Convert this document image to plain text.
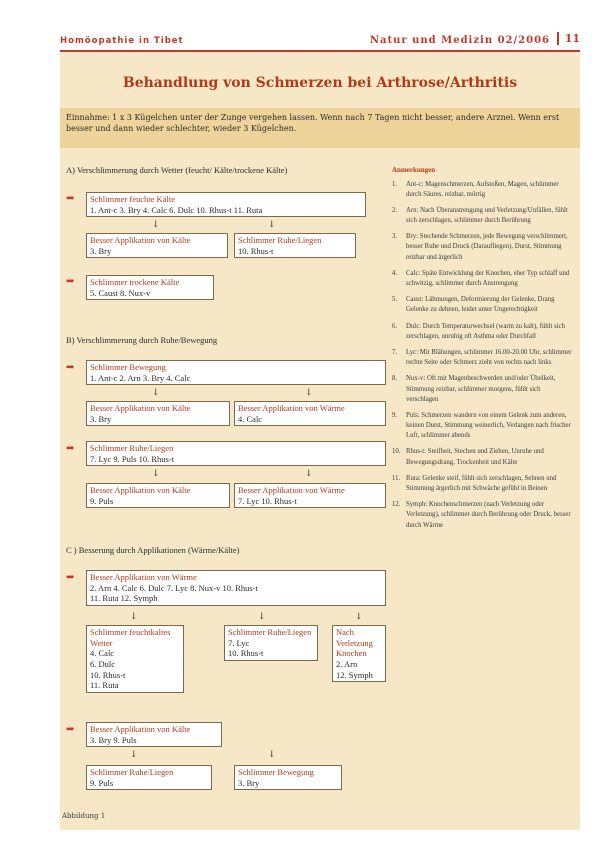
Homöopathie in Tibet	Natur und Medizin 02/2006	11
Behandlung von Schmerzen bei Arthrose/Arthritis
Einnahme: 1 x 3 Kügelchen unter der Zunge vergehen lassen. Wenn nach 7 Tagen nicht besser, andere Arznei. Wenn erst besser und dann wieder schlechter, wieder 3 Kügelchen.
A) Verschlimmerung durch Wetter (feucht/ Kälte/trockene Kälte)
➡ Schlimmer feuchte Kälte
1. Ant-c 3. Bry 4. Calc 6. Dulc 10. Rhus-t 11. Ruta
↓	↓
Besser Applikation von Kälte
3. Bry
Schlimmer Ruhe/Liegen
10. Rhus-t
➡ Schlimmer trockene Kälte
5. Caust 8. Nux-v
B) Verschlimmerung durch Ruhe/Bewegung
➡ Schlimmer Bewegung
1. Ant-c 2. Arn 3. Bry 4. Calc
↓	↓
Besser Applikation von Kälte
3. Bry
Besser Applikation von Wärme
4. Calc
➡ Schlimmer Ruhe/Liegen
7. Lyc 9. Puls 10. Rhus-t
↓	↓
Besser Applikation von Kälte
9. Puls
Besser Applikation von Wärme
7. Lyc 10. Rhus-t
C ) Besserung durch Applikationen (Wärme/Kälte)
➡ Besser Applikation von Wärme
2. Arn 4. Calc 6. Dulc 7. Lyc 8. Nux-v 10. Rhus-t
11. Ruta 12. Symph
↓	↓	↓
Schlimmer feuchtkaltes Wetter
4. Calc
6. Dulc
10. Rhus-t
11. Ruta
Schlimmer Ruhe/Liegen
7. Lyc
10. Rhus-t
Nach Verletzung Knochen
2. Arn
12. Symph
➡ Besser Applikation von Kälte
3. Bry 9. Puls
↓	↓
Schlimmer Ruhe/Liegen
9. Puls
Schlimmer Bewegung
3. Bry
Anmerkungen
1.	Ant-c: Magenschmerzen, Aufstoßen, Magen, schlimmer durch Säures, reizbar, mürrig
2.	Arn: Nach Überanstrengung und Verletzung/Unfällen, fühlt sich zerschlagen, schlimmer durch Berührung
3.	Bry: Stechende Schmerzen, jede Bewegung verschlimmert, besser Ruhe und Druck (Daraufliegen), Durst, Stimmung reizbar und ärgerlich
4.	Calc: Späte Entwicklung der Knochen, eher Typ schlaff und schwitzig, schlimmer durch Anstrengung
5.	Caust: Lähmungen, Deformierung der Gelenke, Drang Gelenke zu dehnen, leidet unter Ungerechtigkeit
6.	Dulc: Durch Temperaturwechsel (warm zu kalt), fühlt sich zerschlagen, unruhig oft Asthma oder Durchfall
7.	Lyc: Mit Blähungen, schlimmer 16.00-20.00 Uhr, schlimmer rechte Seite oder Schmerz zieht von rechts nach links
8.	Nux-v: Oft mit Magenbeschwerden und/oder Übelkeit, Stimmung reizbar, schlimmer morgens, fühlt sich verschlagen
9.	Puls: Schmerzen wandern von einem Gelenk zum anderen, keinen Durst, Stimmung weinerlich, Verlangen nach frischer Luft, schlimmer abends
10. Rhus-t: Steifheit, Stechen und Ziehen, Unruhe und Bewegungsdrang, Trockenheit und Kälte
11. Ruta: Gelenke steif, fühlt sich zerschlagen, Sehnen und Stimmung ärgerlich mit Schwäche gefühl in Beinen
12. Symph: Knochenschmerzen (nach Verletzung oder Verletzung), schlimmer durch Berührung oder Druck, besser durch Wärme
Abbildung 1
